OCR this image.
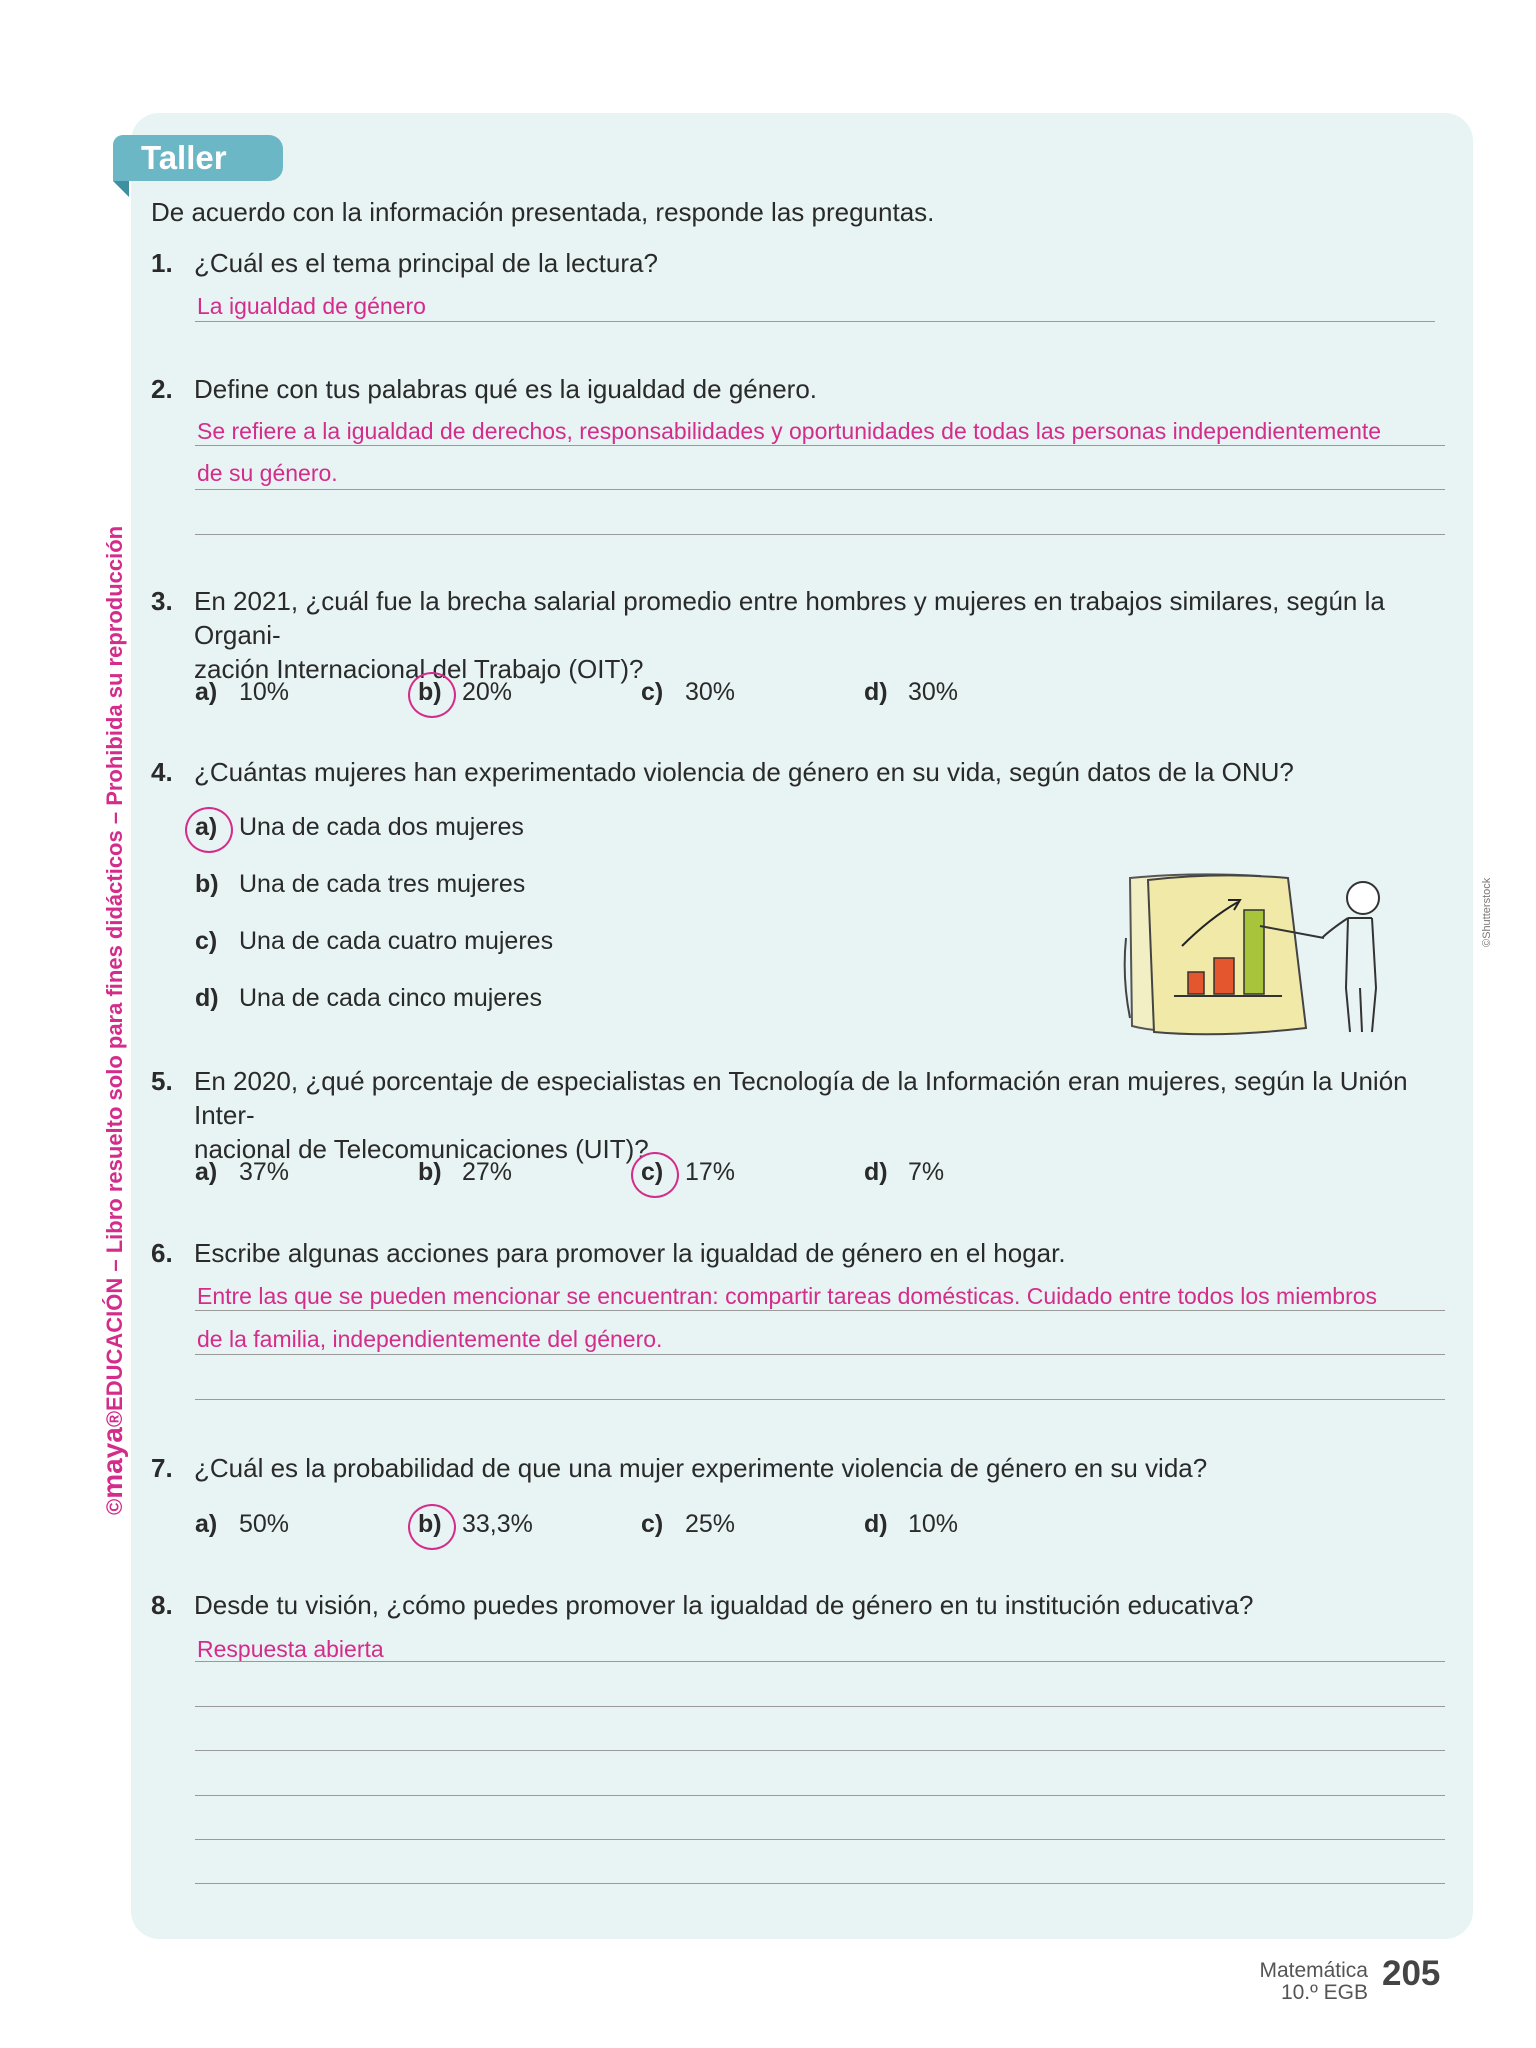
Taller
De acuerdo con la información presentada, responde las preguntas.
1. ¿Cuál es el tema principal de la lectura?
La igualdad de género
2. Define con tus palabras qué es la igualdad de género.
Se refiere a la igualdad de derechos, responsabilidades y oportunidades de todas las personas independientemente
de su género.
3. En 2021, ¿cuál fue la brecha salarial promedio entre hombres y mujeres en trabajos similares, según la Organi-
zación Internacional del Trabajo (OIT)?
a) 10%	b) 20%	c) 30%	d) 30%
4. ¿Cuántas mujeres han experimentado violencia de género en su vida, según datos de la ONU?
a) Una de cada dos mujeres
b) Una de cada tres mujeres
c) Una de cada cuatro mujeres
d) Una de cada cinco mujeres
©Shutterstock
5. En 2020, ¿qué porcentaje de especialistas en Tecnología de la Información eran mujeres, según la Unión Inter-
nacional de Telecomunicaciones (UIT)?
a) 37%	b) 27%	c) 17%	d) 7%
6. Escribe algunas acciones para promover la igualdad de género en el hogar.
Entre las que se pueden mencionar se encuentran: compartir tareas domésticas. Cuidado entre todos los miembros
de la familia, independientemente del género.
7. ¿Cuál es la probabilidad de que una mujer experimente violencia de género en su vida?
a) 50%	b) 33,3%	c) 25%	d) 10%
8. Desde tu visión, ¿cómo puedes promover la igualdad de género en tu institución educativa?
Respuesta abierta
©maya®EDUCACIÓN – Libro resuelto solo para fines didácticos – Prohibida su reproducción
Matemática
10.º EGB 205
